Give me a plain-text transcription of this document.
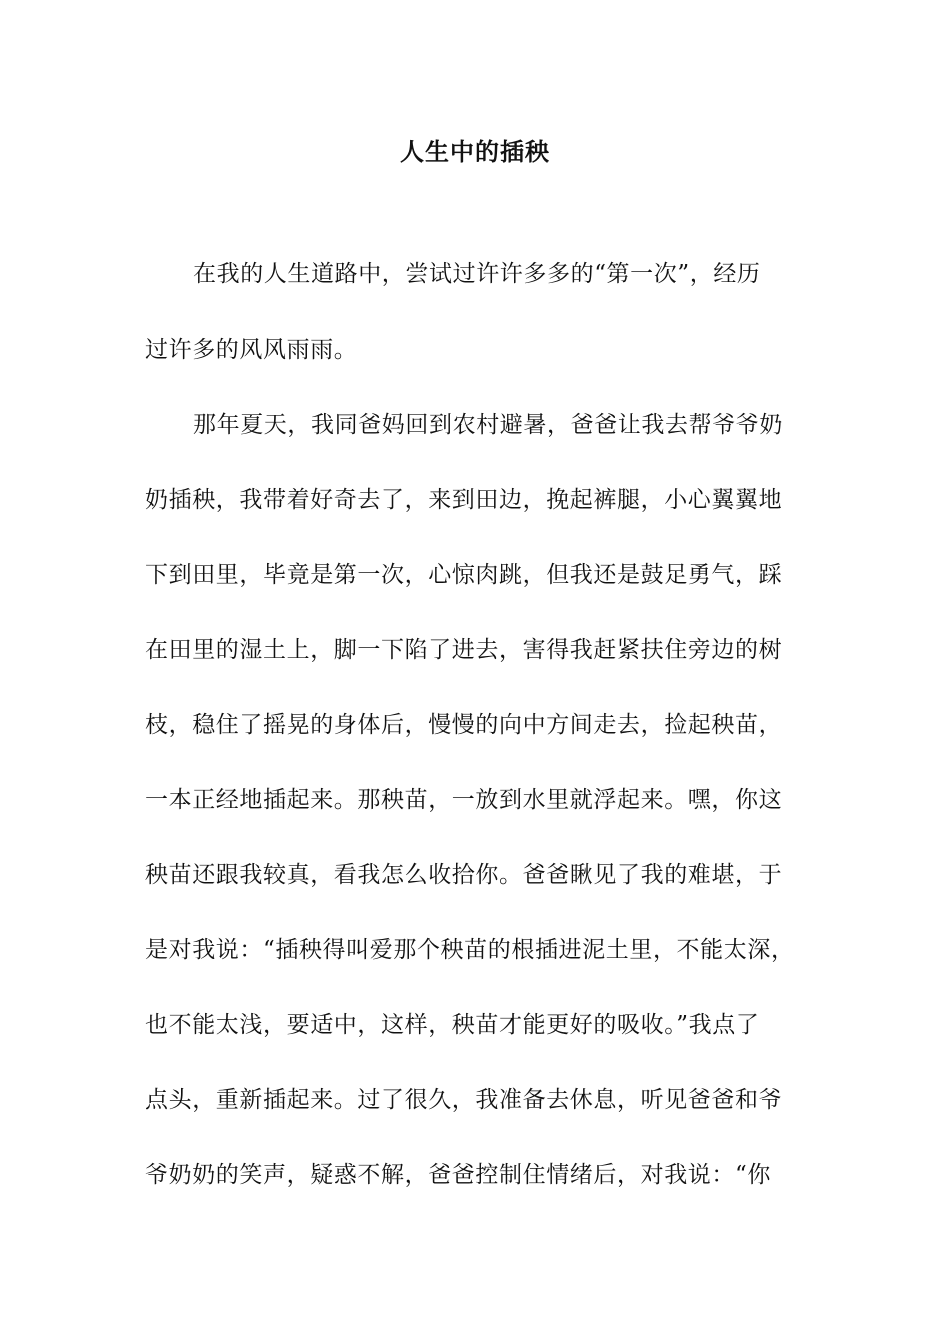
人生中的插秧
在我的人生道路中，尝试过许许多多的“第一次”，经历
过许多的风风雨雨。
那年夏天，我同爸妈回到农村避暑，爸爸让我去帮爷爷奶
奶插秧，我带着好奇去了，来到田边，挽起裤腿，小心翼翼地
下到田里，毕竟是第一次，心惊肉跳，但我还是鼓足勇气，踩
在田里的湿土上，脚一下陷了进去，害得我赶紧扶住旁边的树
枝，稳住了摇晃的身体后，慢慢的向中方间走去，捡起秧苗，
一本正经地插起来。那秧苗，一放到水里就浮起来。嘿，你这
秧苗还跟我较真，看我怎么收拾你。爸爸瞅见了我的难堪，于
是对我说：“插秧得叫爱那个秧苗的根插进泥土里，不能太深，
也不能太浅，要适中，这样，秧苗才能更好的吸收。”我点了
点头，重新插起来。过了很久，我准备去休息，听见爸爸和爷
爷奶奶的笑声，疑惑不解，爸爸控制住情绪后，对我说：“你
